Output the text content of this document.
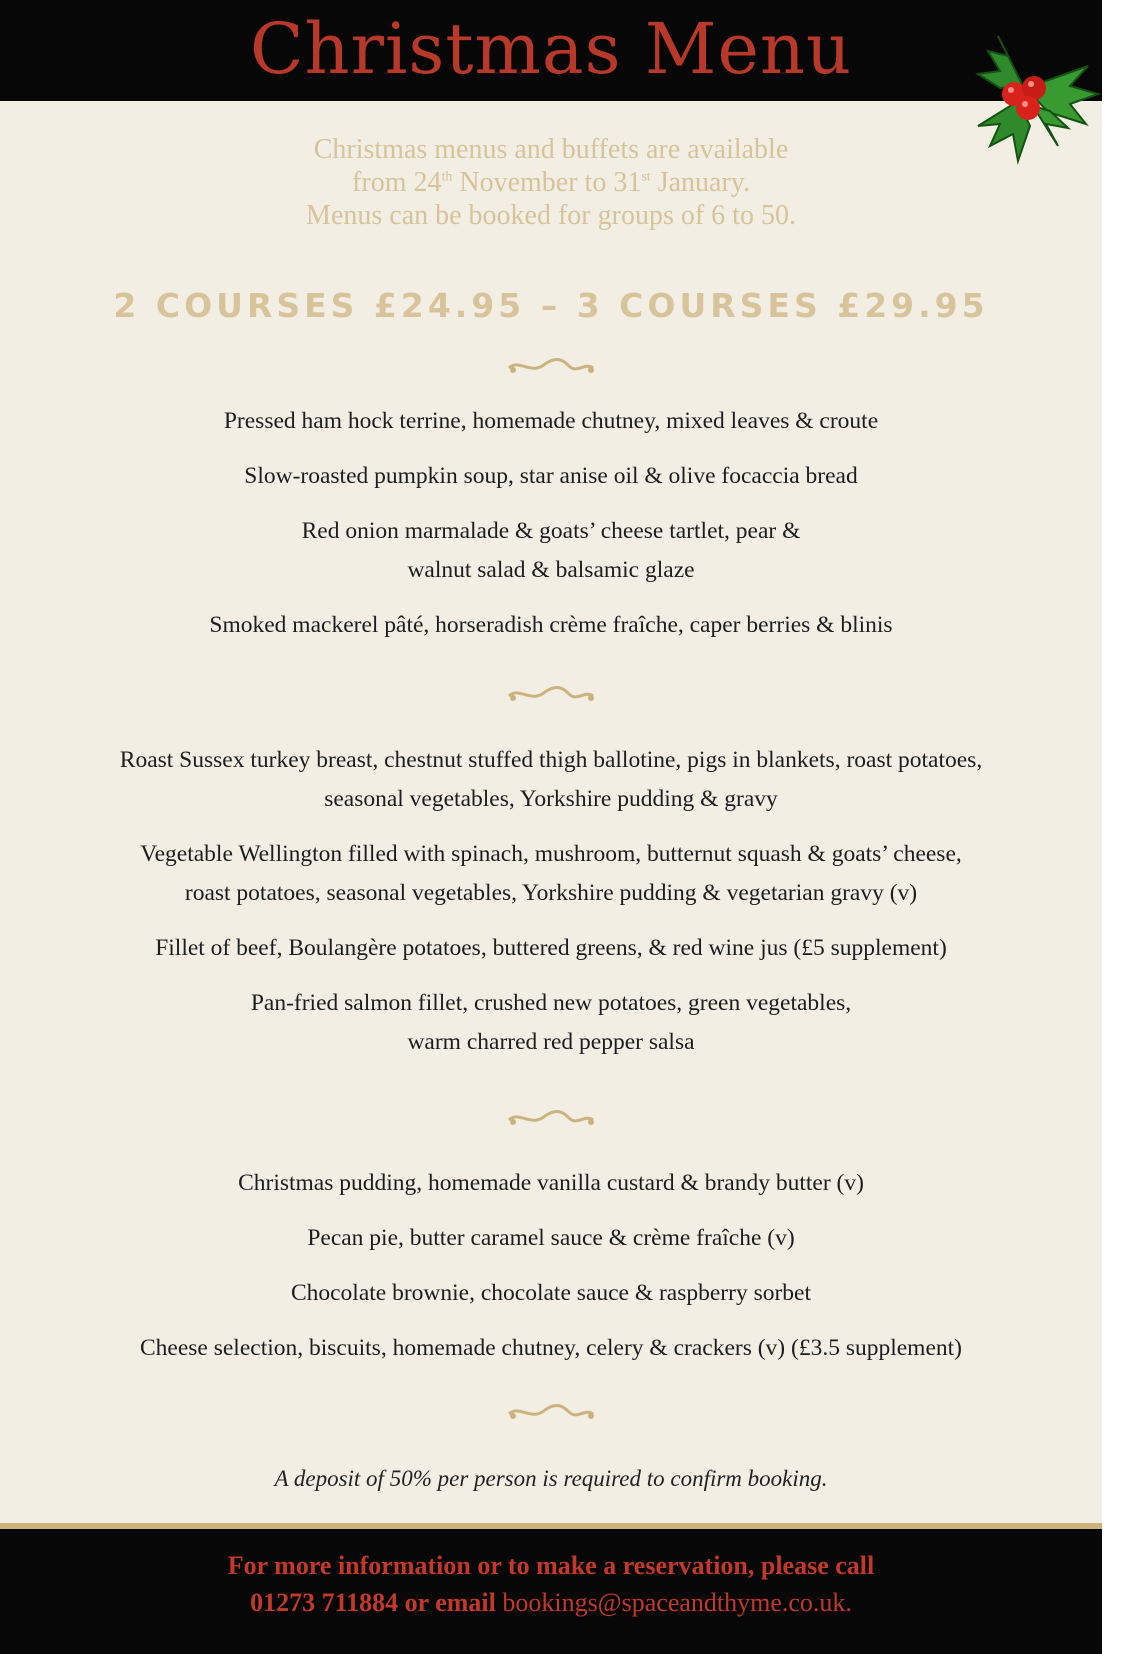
Christmas Menu
Christmas menus and buffets are available
from 24th November to 31st January.
Menus can be booked for groups of 6 to 50.
2 COURSES £24.95 – 3 COURSES £29.95
Pressed ham hock terrine, homemade chutney, mixed leaves & croute
Slow-roasted pumpkin soup, star anise oil & olive focaccia bread
Red onion marmalade & goats’ cheese tartlet, pear &
walnut salad & balsamic glaze
Smoked mackerel pâté, horseradish crème fraîche, caper berries & blinis
Roast Sussex turkey breast, chestnut stuffed thigh ballotine, pigs in blankets, roast potatoes,
seasonal vegetables, Yorkshire pudding & gravy
Vegetable Wellington filled with spinach, mushroom, butternut squash & goats’ cheese,
roast potatoes, seasonal vegetables, Yorkshire pudding & vegetarian gravy (v)
Fillet of beef, Boulangère potatoes, buttered greens, & red wine jus (£5 supplement)
Pan-fried salmon fillet, crushed new potatoes, green vegetables,
warm charred red pepper salsa
Christmas pudding, homemade vanilla custard & brandy butter (v)
Pecan pie, butter caramel sauce & crème fraîche (v)
Chocolate brownie, chocolate sauce & raspberry sorbet
Cheese selection, biscuits, homemade chutney, celery & crackers (v) (£3.5 supplement)
A deposit of 50% per person is required to confirm booking.
For more information or to make a reservation, please call
01273 711884 or email bookings@spaceandthyme.co.uk.
